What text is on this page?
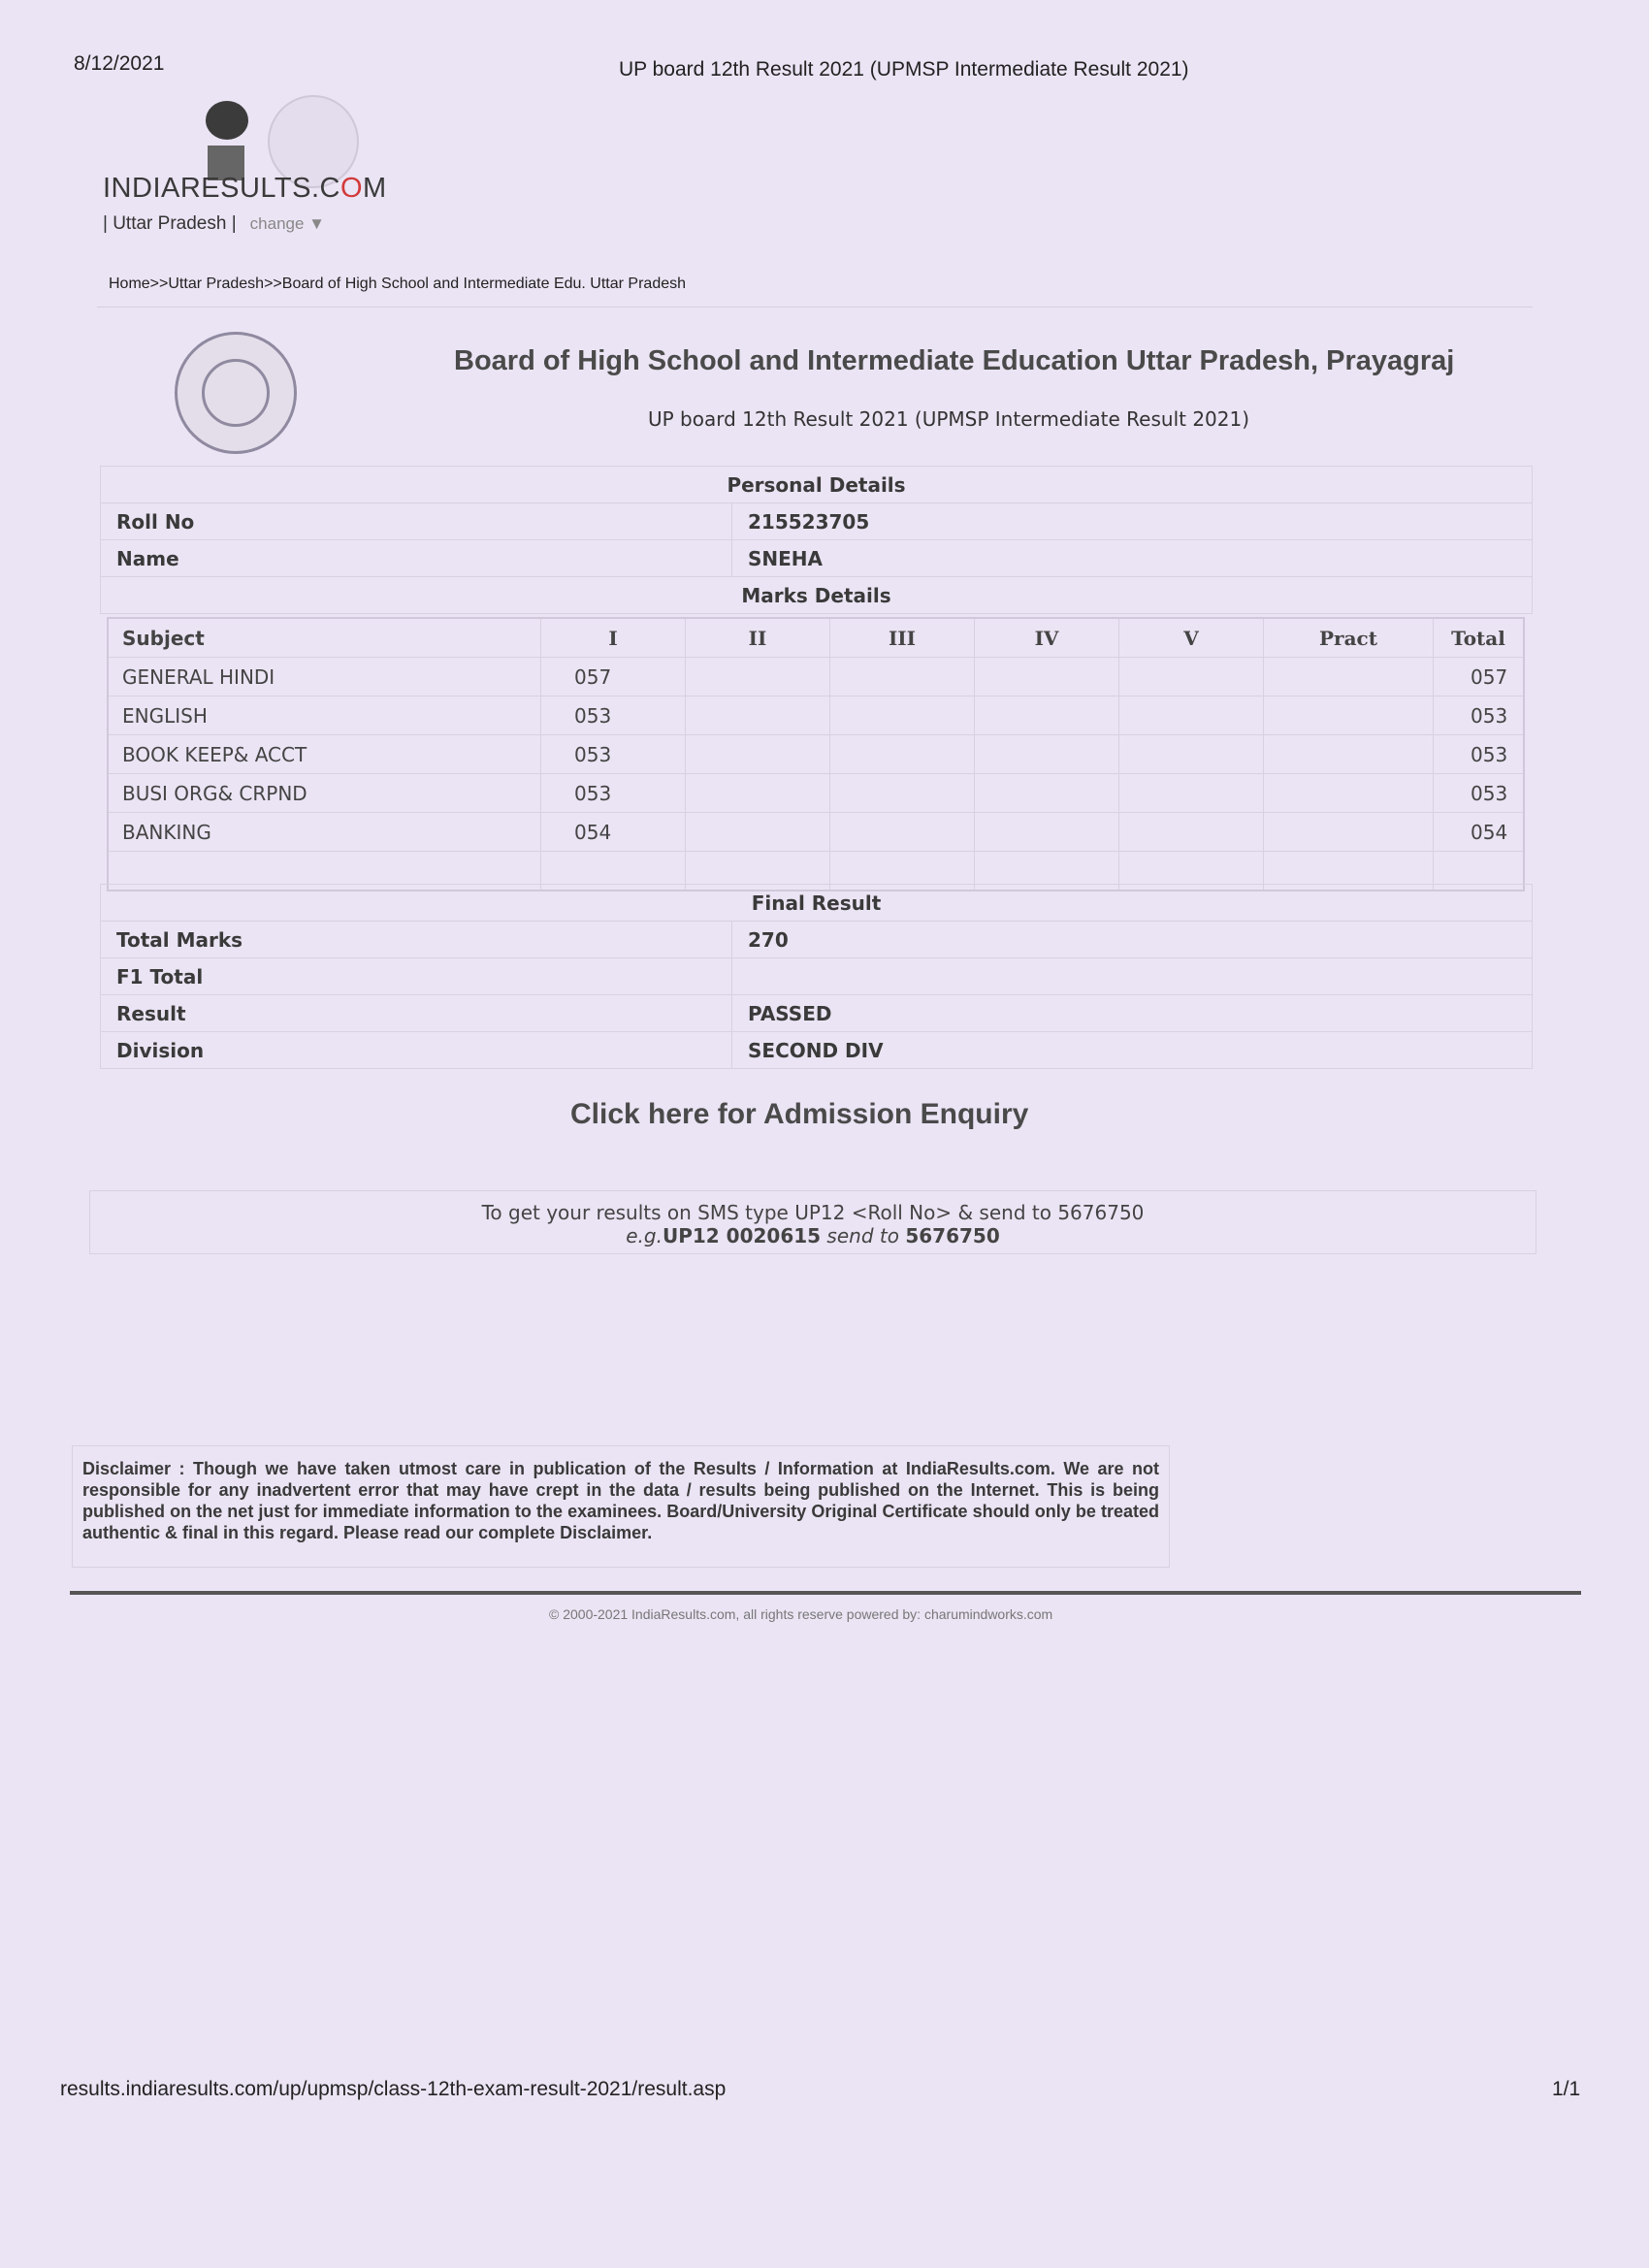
8/12/2021	UP board 12th Result 2021 (UPMSP Intermediate Result 2021)
INDIARESULTS.COM
| Uttar Pradesh | change ▼
Home>>Uttar Pradesh>>Board of High School and Intermediate Edu. Uttar Pradesh
Board of High School and Intermediate Education Uttar Pradesh, Prayagraj
UP board 12th Result 2021 (UPMSP Intermediate Result 2021)
Personal Details	
Roll No	215523705
Name	SNEHA
Marks Details	
Subject	I	II	III	IV	V	Pract	Total
GENERAL HINDI	057						057
ENGLISH	053						053
BOOK KEEP& ACCT	053						053
BUSI ORG& CRPND	053						053
BANKING	054						054

Final Result	
Total Marks	270
F1 Total	
Result	PASSED
Division	SECOND DIV
Click here for Admission Enquiry
To get your results on SMS type UP12 <Roll No> & send to 5676750
e.g.UP12 0020615 send to 5676750
Disclaimer : Though we have taken utmost care in publication of the Results / Information at IndiaResults.com. We are not responsible for any inadvertent error that may have crept in the data / results being published on the Internet. This is being published on the net just for immediate information to the examinees. Board/University Original Certificate should only be treated authentic & final in this regard. Please read our complete Disclaimer.
© 2000-2021 IndiaResults.com, all rights reserve powered by: charumindworks.com
results.indiaresults.com/up/upmsp/class-12th-exam-result-2021/result.asp	1/1
